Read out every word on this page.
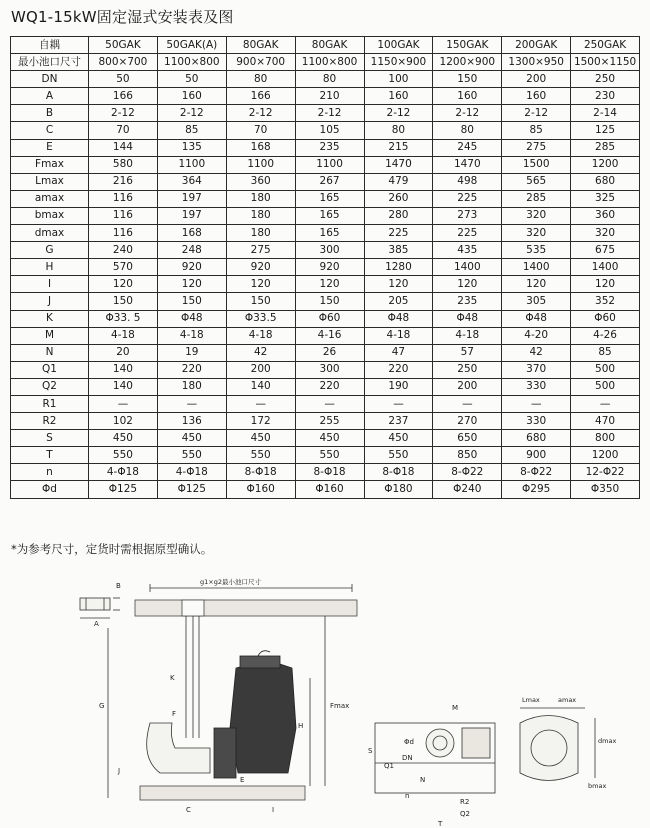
WQ1-15kW固定湿式安装表及图
自耦	50GAK	50GAK(A)	80GAK	80GAK	100GAK	150GAK	200GAK	250GAK
最小池口尺寸	800×700	1100×800	900×700	1100×800	1150×900	1200×900	1300×950	1500×1150
DN	50	50	80	80	100	150	200	250
A	166	160	166	210	160	160	160	230
B	2-12	2-12	2-12	2-12	2-12	2-12	2-12	2-14
C	70	85	70	105	80	80	85	125
E	144	135	168	235	215	245	275	285
Fmax	580	1100	1100	1100	1470	1470	1500	1200
Lmax	216	364	360	267	479	498	565	680
amax	116	197	180	165	260	225	285	325
bmax	116	197	180	165	280	273	320	360
dmax	116	168	180	165	225	225	320	320
G	240	248	275	300	385	435	535	675
H	570	920	920	920	1280	1400	1400	1400
I	120	120	120	120	120	120	120	120
J	150	150	150	150	205	235	305	352
K	Φ33. 5	Φ48	Φ33.5	Φ60	Φ48	Φ48	Φ48	Φ60
M	4-18	4-18	4-18	4-16	4-18	4-18	4-20	4-26
N	20	19	42	26	47	57	42	85
Q1	140	220	200	300	220	250	370	500
Q2	140	180	140	220	190	200	330	500
R1	—	—	—	—	—	—	—	—
R2	102	136	172	255	237	270	330	470
S	450	450	450	450	450	650	680	800
T	550	550	550	550	550	850	900	1200
n	4-Φ18	4-Φ18	8-Φ18	8-Φ18	8-Φ18	8-Φ22	8-Φ22	12-Φ22
Φd	Φ125	Φ125	Φ160	Φ160	Φ180	Φ240	Φ295	Φ350
*为参考尺寸，定货时需根据原型确认。
B
A
g1×g2最小池口尺寸
K
F
G
J
E
Fmax
H
C	I
M
Φd
DN
S
Q1
N
n
R2
Q2
T
Lmax	amax
dmax
bmax
